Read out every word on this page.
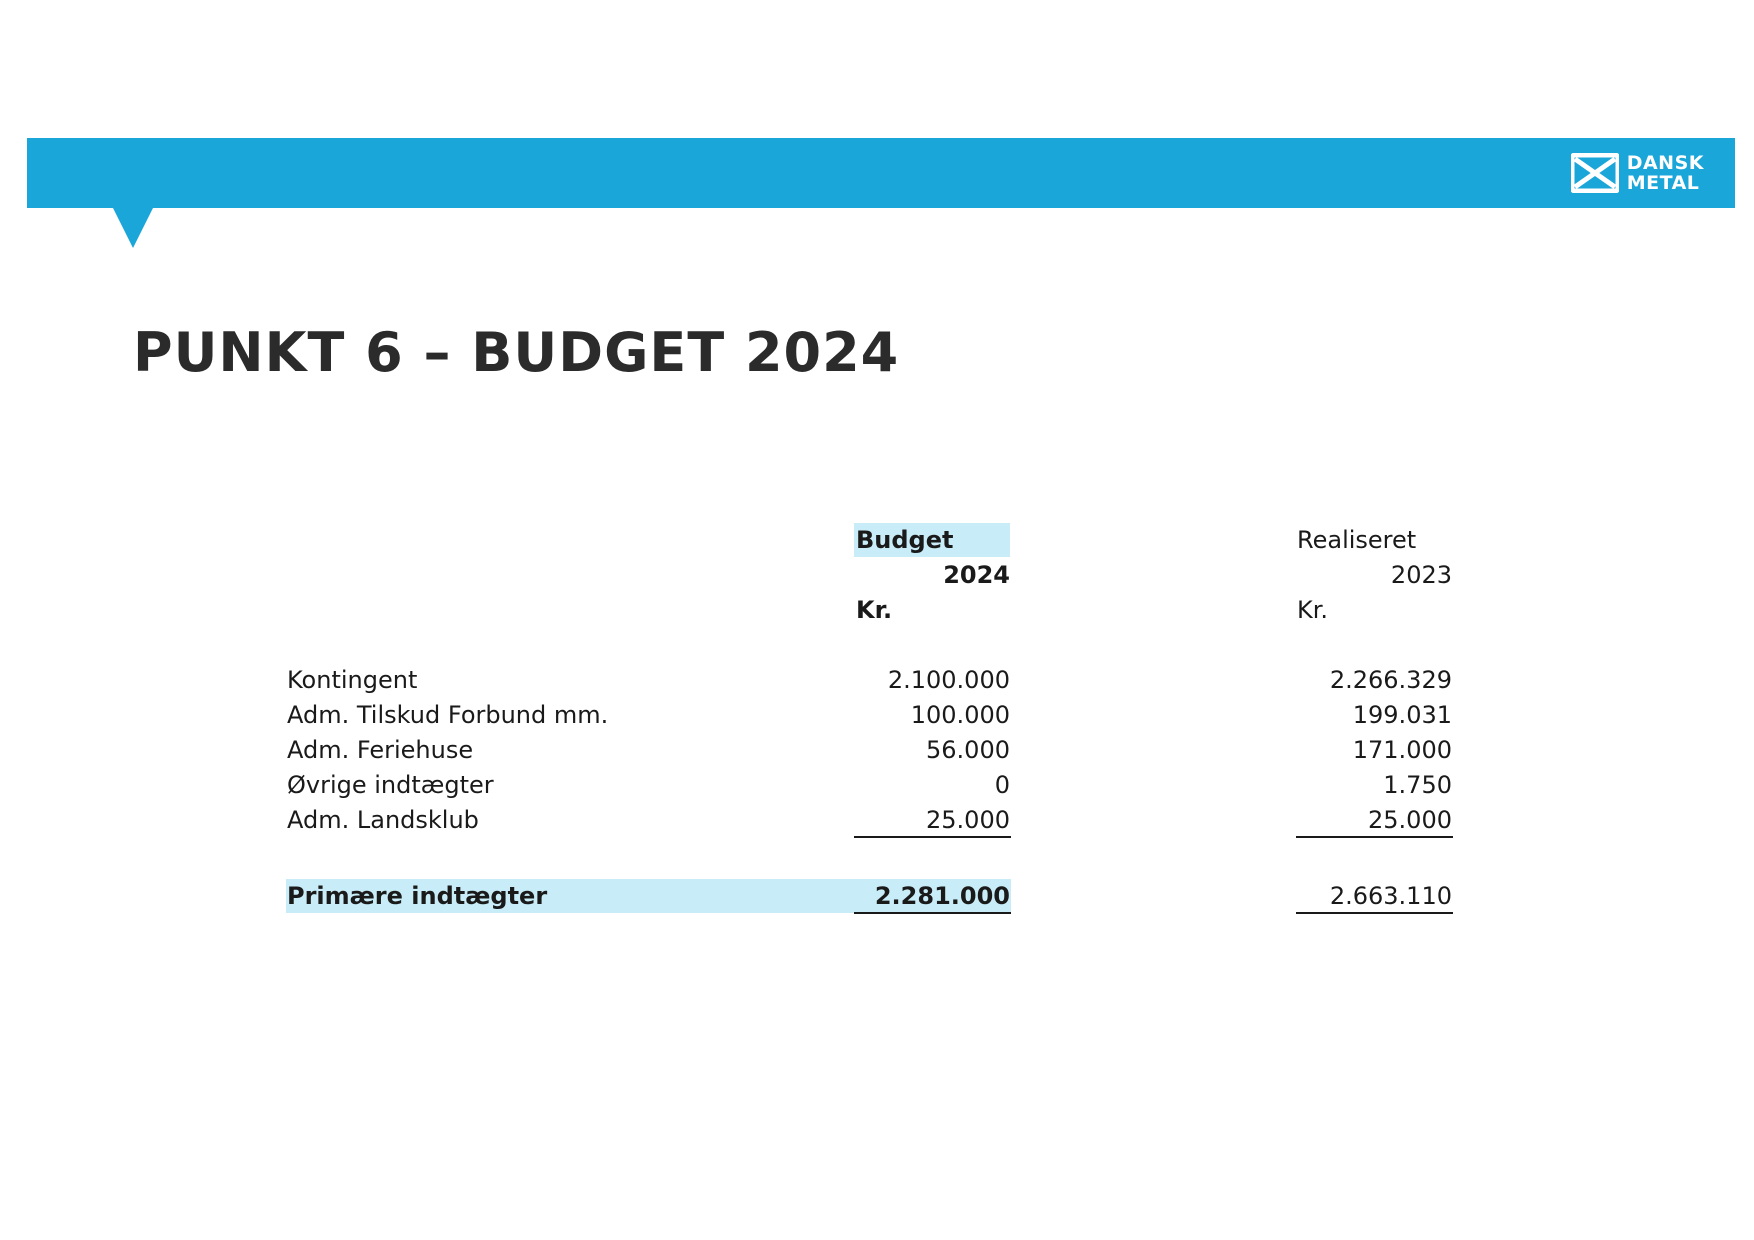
DANSK
METAL
PUNKT 6 – BUDGET 2024
Budget
2024
Kr.
Realiseret
2023
Kr.
Kontingent	2.100.000	2.266.329
Adm. Tilskud Forbund mm.	100.000	199.031
Adm. Feriehuse	56.000	171.000
Øvrige indtægter	0	1.750
Adm. Landsklub	25.000	25.000
Primære indtægter	2.281.000	2.663.110
